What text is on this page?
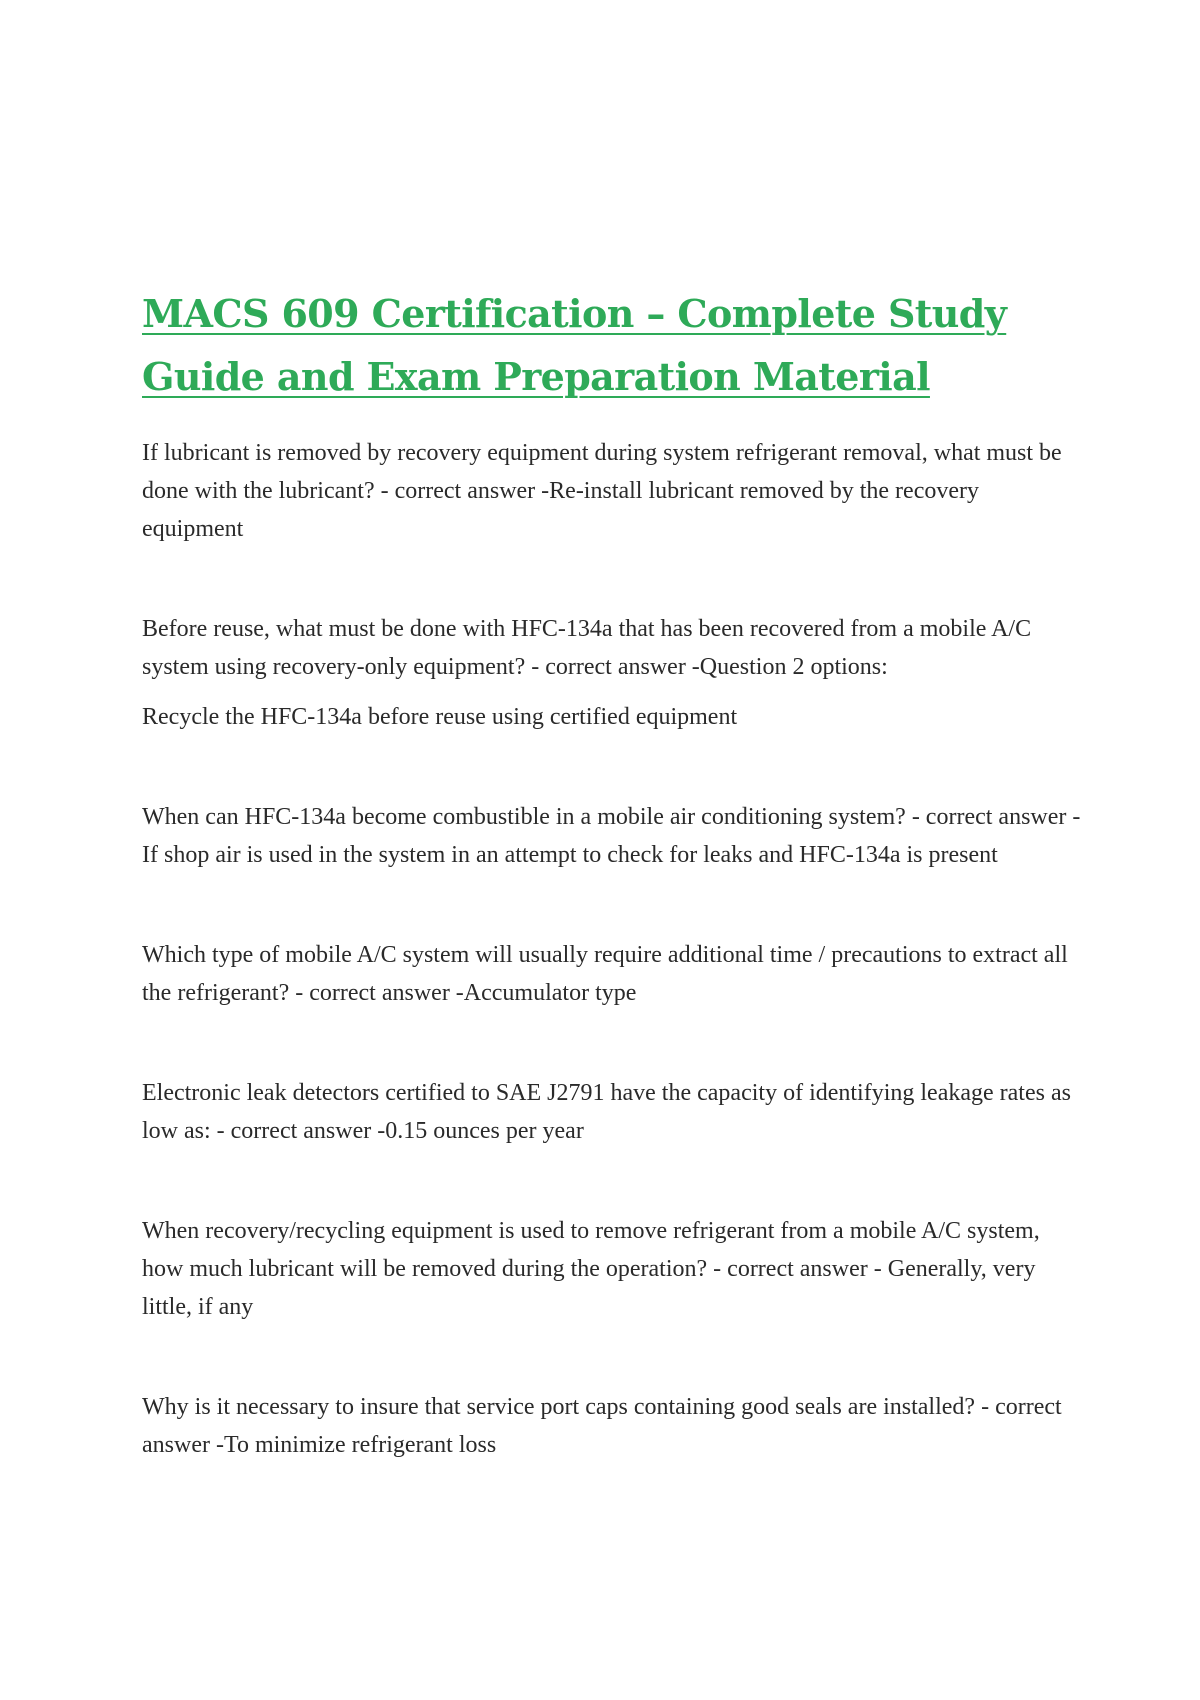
MACS 609 Certification – Complete Study Guide and Exam Preparation Material

If lubricant is removed by recovery equipment during system refrigerant removal, what must be done with the lubricant? - correct answer -Re-install lubricant removed by the recovery equipment

Before reuse, what must be done with HFC-134a that has been recovered from a mobile A/C system using recovery-only equipment? - correct answer -Question 2 options:

Recycle the HFC-134a before reuse using certified equipment

When can HFC-134a become combustible in a mobile air conditioning system? - correct answer -If shop air is used in the system in an attempt to check for leaks and HFC-134a is present

Which type of mobile A/C system will usually require additional time / precautions to extract all the refrigerant? - correct answer -Accumulator type

Electronic leak detectors certified to SAE J2791 have the capacity of identifying leakage rates as low as: - correct answer -0.15 ounces per year

When recovery/recycling equipment is used to remove refrigerant from a mobile A/C system, how much lubricant will be removed during the operation? - correct answer - Generally, very little, if any

Why is it necessary to insure that service port caps containing good seals are installed? - correct answer -To minimize refrigerant loss
